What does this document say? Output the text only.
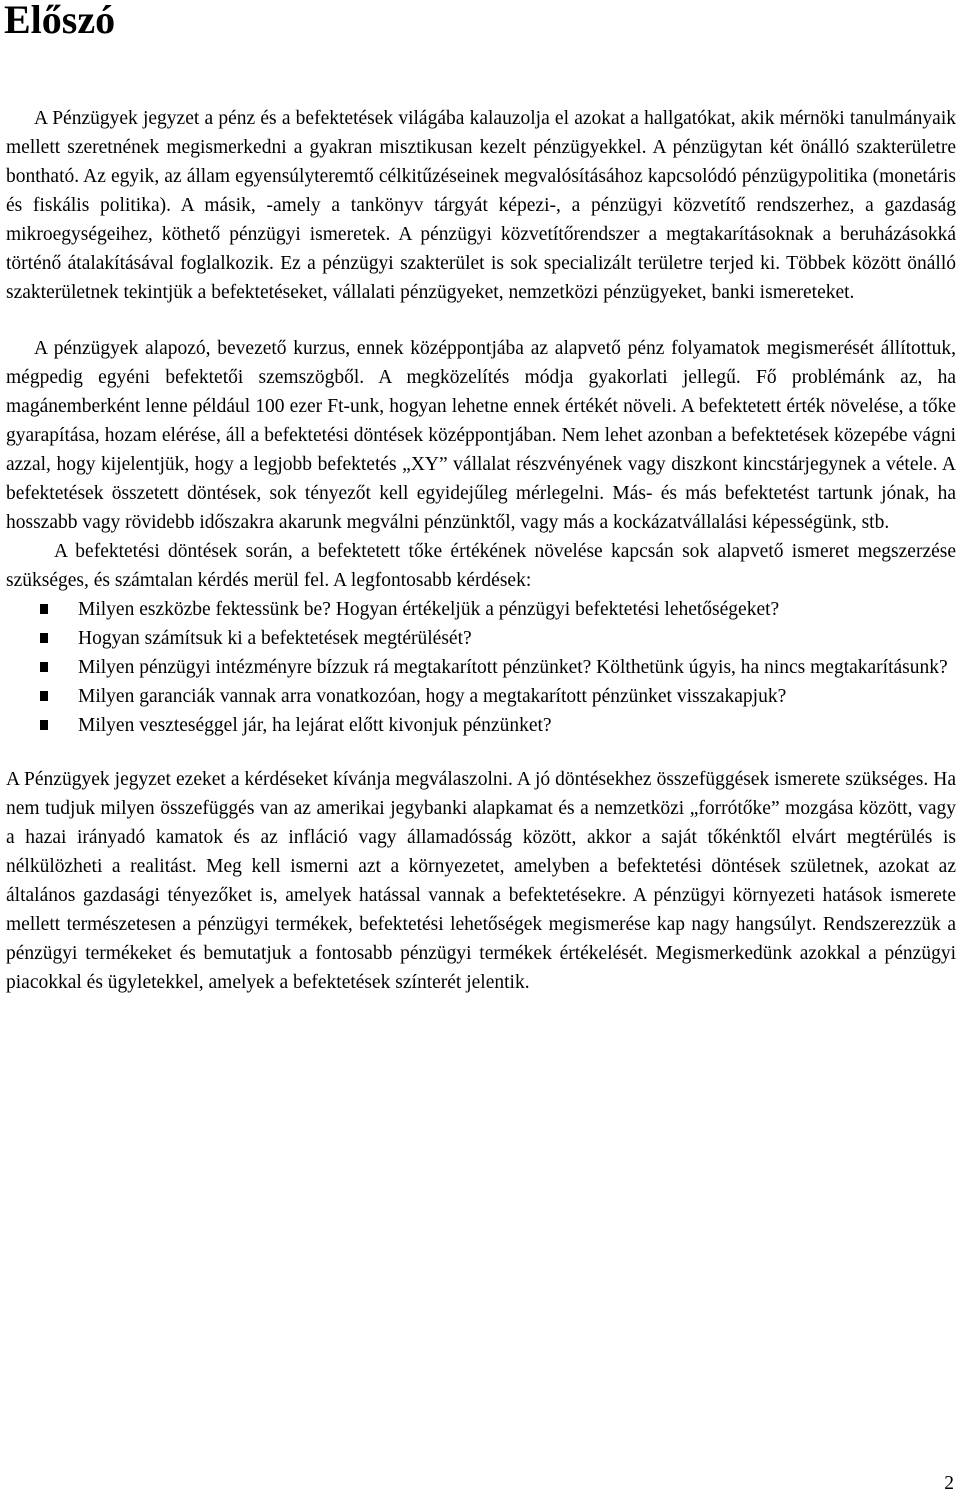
Előszó

A Pénzügyek jegyzet a pénz és a befektetések világába kalauzolja el azokat a hallgatókat, akik mérnöki tanulmányaik mellett szeretnének megismerkedni a gyakran misztikusan kezelt pénzügyekkel. A pénzügytan két önálló szakterületre bontható. Az egyik, az állam egyensúlyteremtő célkitűzéseinek megvalósításához kapcsolódó pénzügypolitika (monetáris és fiskális politika). A másik, -amely a tankönyv tárgyát képezi-, a pénzügyi közvetítő rendszerhez, a gazdaság mikroegységeihez, köthető pénzügyi ismeretek. A pénzügyi közvetítőrendszer a megtakarításoknak a beruházásokká történő átalakításával foglalkozik. Ez a pénzügyi szakterület is sok specializált területre terjed ki. Többek között önálló szakterületnek tekintjük a befektetéseket, vállalati pénzügyeket, nemzetközi pénzügyeket, banki ismereteket.

A pénzügyek alapozó, bevezető kurzus, ennek középpontjába az alapvető pénz folyamatok megismerését állítottuk, mégpedig egyéni befektetői szemszögből. A megközelítés módja gyakorlati jellegű. Fő problémánk az, ha magánemberként lenne például 100 ezer Ft-unk, hogyan lehetne ennek értékét növeli. A befektetett érték növelése, a tőke gyarapítása, hozam elérése, áll a befektetési döntések középpontjában. Nem lehet azonban a befektetések közepébe vágni azzal, hogy kijelentjük, hogy a legjobb befektetés „XY” vállalat részvényének vagy diszkont kincstárjegynek a vétele. A befektetések összetett döntések, sok tényezőt kell egyidejűleg mérlegelni. Más- és más befektetést tartunk jónak, ha hosszabb vagy rövidebb időszakra akarunk megválni pénzünktől, vagy más a kockázatvállalási képességünk, stb.

A befektetési döntések során, a befektetett tőke értékének növelése kapcsán sok alapvető ismeret megszerzése szükséges, és számtalan kérdés merül fel. A legfontosabb kérdések:

Milyen eszközbe fektessünk be? Hogyan értékeljük a pénzügyi befektetési lehetőségeket?
Hogyan számítsuk ki a befektetések megtérülését?
Milyen pénzügyi intézményre bízzuk rá megtakarított pénzünket? Költhetünk úgyis, ha nincs megtakarításunk?
Milyen garanciák vannak arra vonatkozóan, hogy a megtakarított pénzünket visszakapjuk?
Milyen veszteséggel jár, ha lejárat előtt kivonjuk pénzünket?

A Pénzügyek jegyzet ezeket a kérdéseket kívánja megválaszolni. A jó döntésekhez összefüggések ismerete szükséges. Ha nem tudjuk milyen összefüggés van az amerikai jegybanki alapkamat és a nemzetközi „forrótőke” mozgása között, vagy a hazai irányadó kamatok és az infláció vagy államadósság között, akkor a saját tőkénktől elvárt megtérülés is nélkülözheti a realitást. Meg kell ismerni azt a környezetet, amelyben a befektetési döntések születnek, azokat az általános gazdasági tényezőket is, amelyek hatással vannak a befektetésekre. A pénzügyi környezeti hatások ismerete mellett természetesen a pénzügyi termékek, befektetési lehetőségek megismerése kap nagy hangsúlyt. Rendszerezzük a pénzügyi termékeket és bemutatjuk a fontosabb pénzügyi termékek értékelését. Megismerkedünk azokkal a pénzügyi piacokkal és ügyletekkel, amelyek a befektetések színterét jelentik.

2
